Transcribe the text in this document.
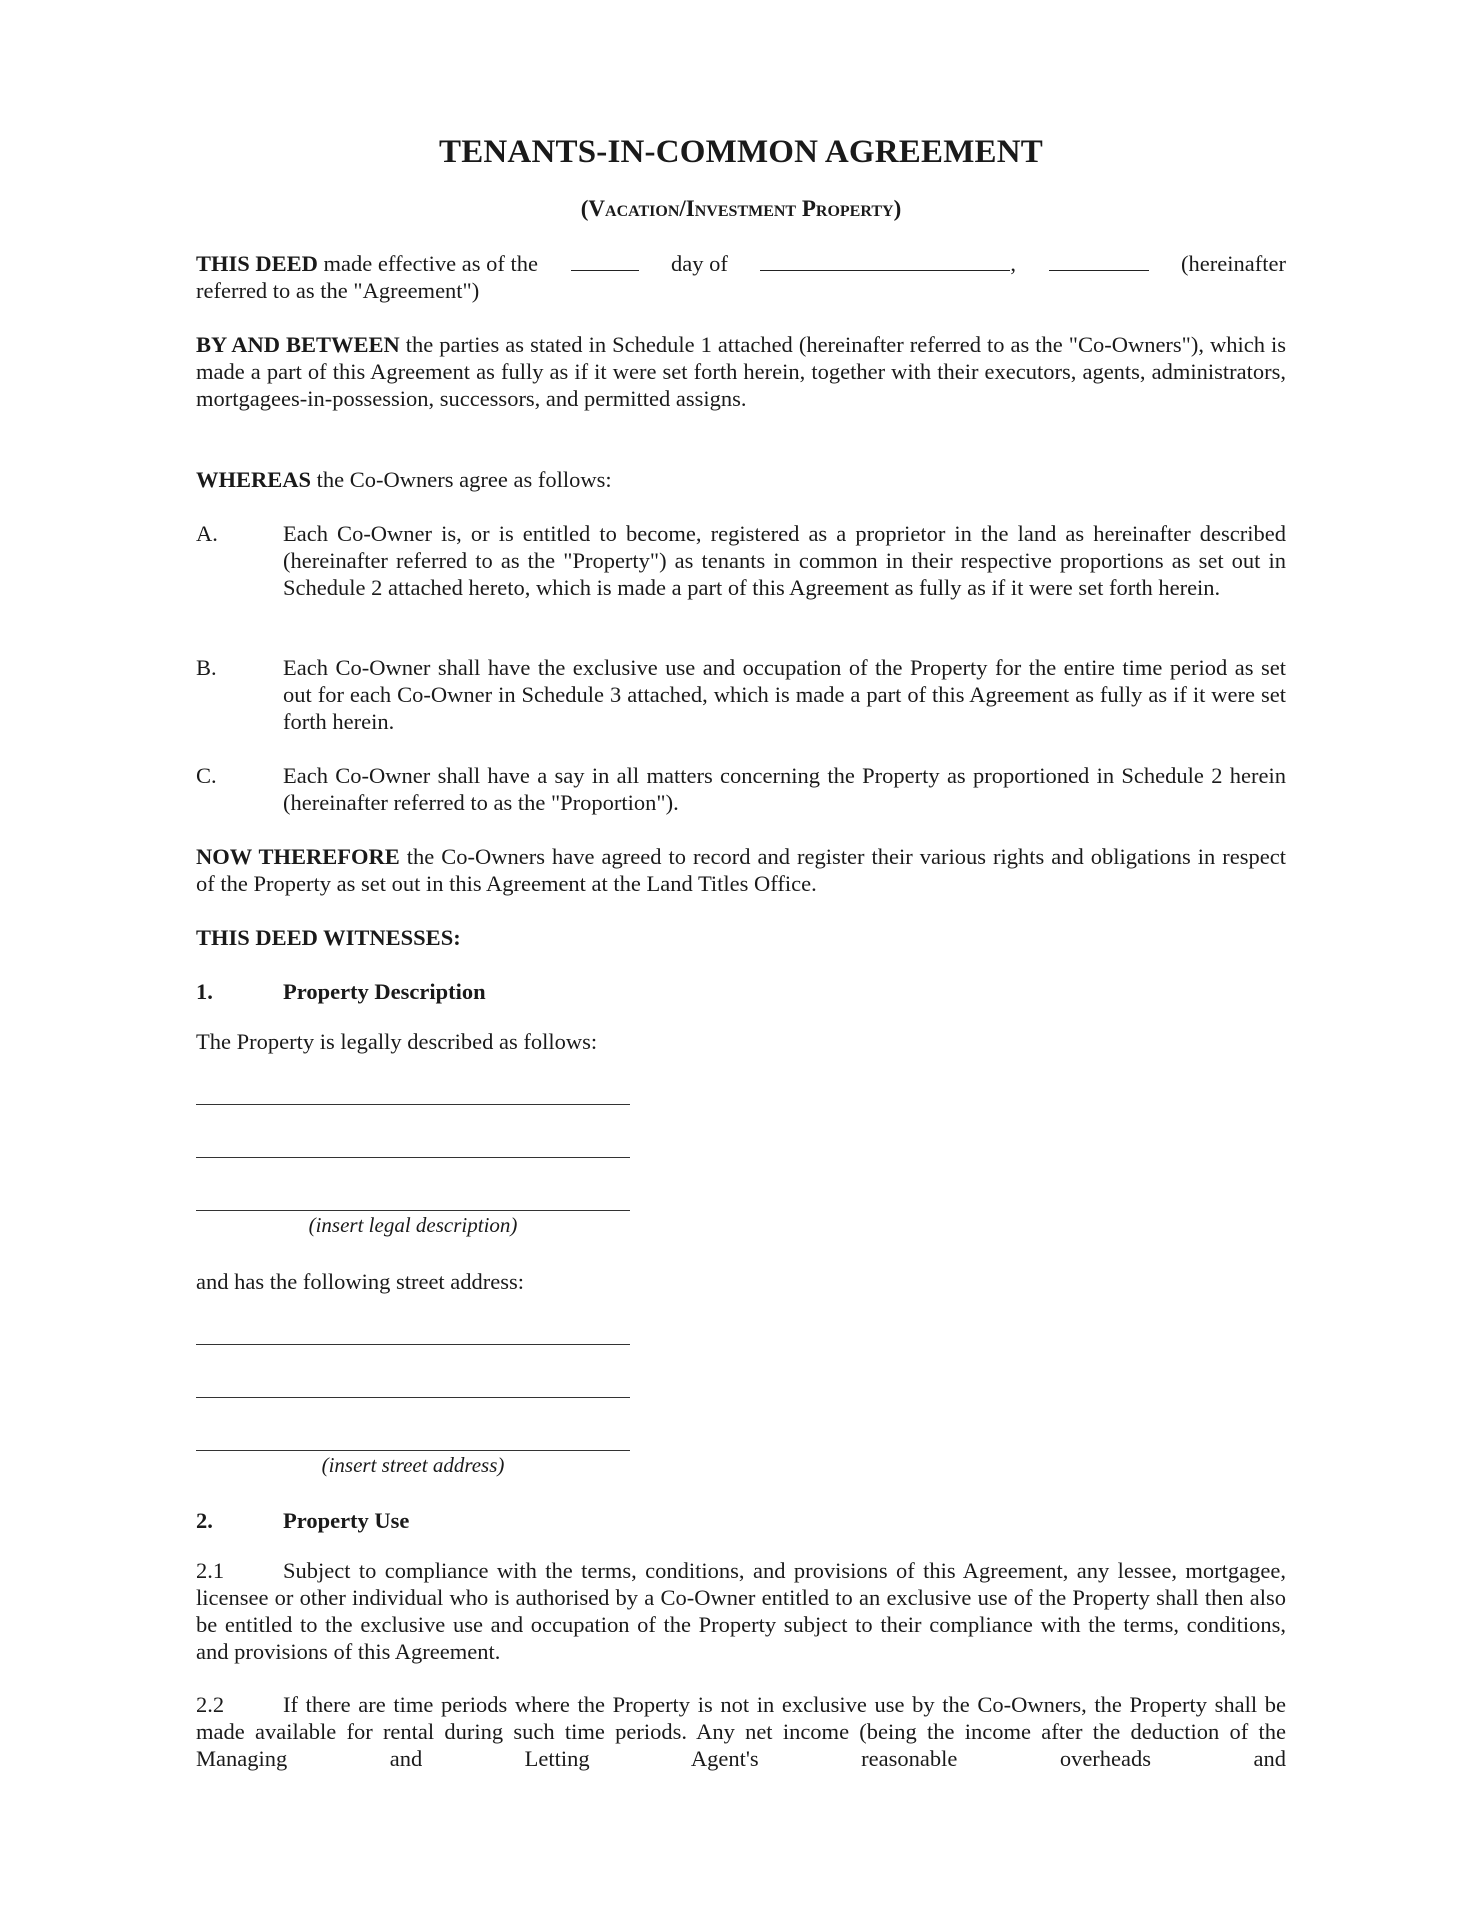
TENANTS-IN-COMMON AGREEMENT
(Vacation/Investment Property)
THIS DEED made effective as of the	day of	,	(hereinafter
referred to as the "Agreement")
BY AND BETWEEN the parties as stated in Schedule 1 attached (hereinafter referred to as the "Co-Owners"), which is made a part of this Agreement as fully as if it were set forth herein, together with their executors, agents, administrators, mortgagees-in-possession, successors, and permitted assigns.
WHEREAS the Co-Owners agree as follows:
A.	Each Co-Owner is, or is entitled to become, registered as a proprietor in the land as hereinafter described (hereinafter referred to as the "Property") as tenants in common in their respective proportions as set out in Schedule 2 attached hereto, which is made a part of this Agreement as fully as if it were set forth herein.
B.	Each Co-Owner shall have the exclusive use and occupation of the Property for the entire time period as set out for each Co-Owner in Schedule 3 attached, which is made a part of this Agreement as fully as if it were set forth herein.
C.	Each Co-Owner shall have a say in all matters concerning the Property as proportioned in Schedule 2 herein (hereinafter referred to as the "Proportion").
NOW THEREFORE the Co-Owners have agreed to record and register their various rights and obligations in respect of the Property as set out in this Agreement at the Land Titles Office.
THIS DEED WITNESSES:
1.	Property Description
The Property is legally described as follows:
(insert legal description)
and has the following street address:
(insert street address)
2.	Property Use
2.1	Subject to compliance with the terms, conditions, and provisions of this Agreement, any lessee, mortgagee, licensee or other individual who is authorised by a Co-Owner entitled to an exclusive use of the Property shall then also be entitled to the exclusive use and occupation of the Property subject to their compliance with the terms, conditions, and provisions of this Agreement.
2.2	If there are time periods where the Property is not in exclusive use by the Co-Owners, the Property shall be made available for rental during such time periods. Any net income (being the income after the deduction of the Managing and Letting Agent's reasonable overheads and
